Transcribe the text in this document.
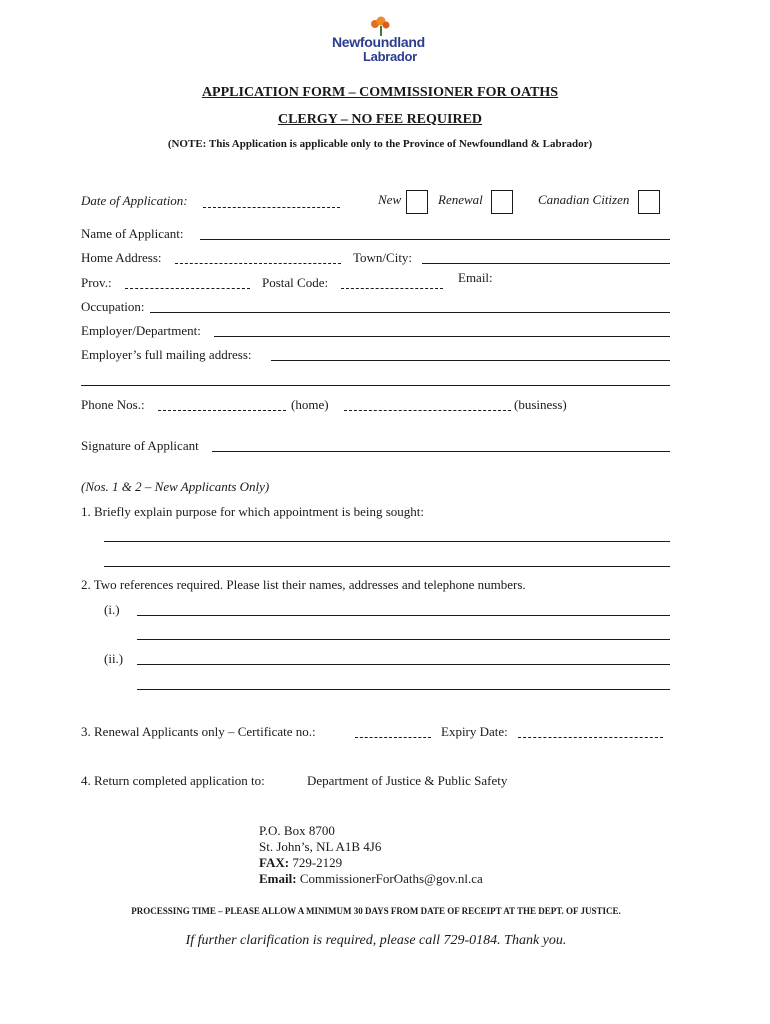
Newfoundland
Labrador
APPLICATION FORM – COMMISSIONER FOR OATHS
CLERGY – NO FEE REQUIRED
(NOTE: This Application is applicable only to the Province of Newfoundland & Labrador)
Date of Application:	New	Renewal	Canadian Citizen
Name of Applicant:
Home Address:	Town/City:
Prov.:	Postal Code:	Email:
Occupation:
Employer/Department:
Employer’s full mailing address:
Phone Nos.:	(home)	(business)
Signature of Applicant
(Nos. 1 & 2 – New Applicants Only)
1. Briefly explain purpose for which appointment is being sought:
2. Two references required. Please list their names, addresses and telephone numbers.
(i.)
(ii.)
3. Renewal Applicants only – Certificate no.:	Expiry Date:
4. Return completed application to:	Department of Justice & Public Safety
P.O. Box 8700
St. John’s, NL A1B 4J6
FAX: 729-2129
Email: CommissionerForOaths@gov.nl.ca
PROCESSING TIME – PLEASE ALLOW A MINIMUM 30 DAYS FROM DATE OF RECEIPT AT THE DEPT. OF JUSTICE.
If further clarification is required, please call 729-0184. Thank you.
